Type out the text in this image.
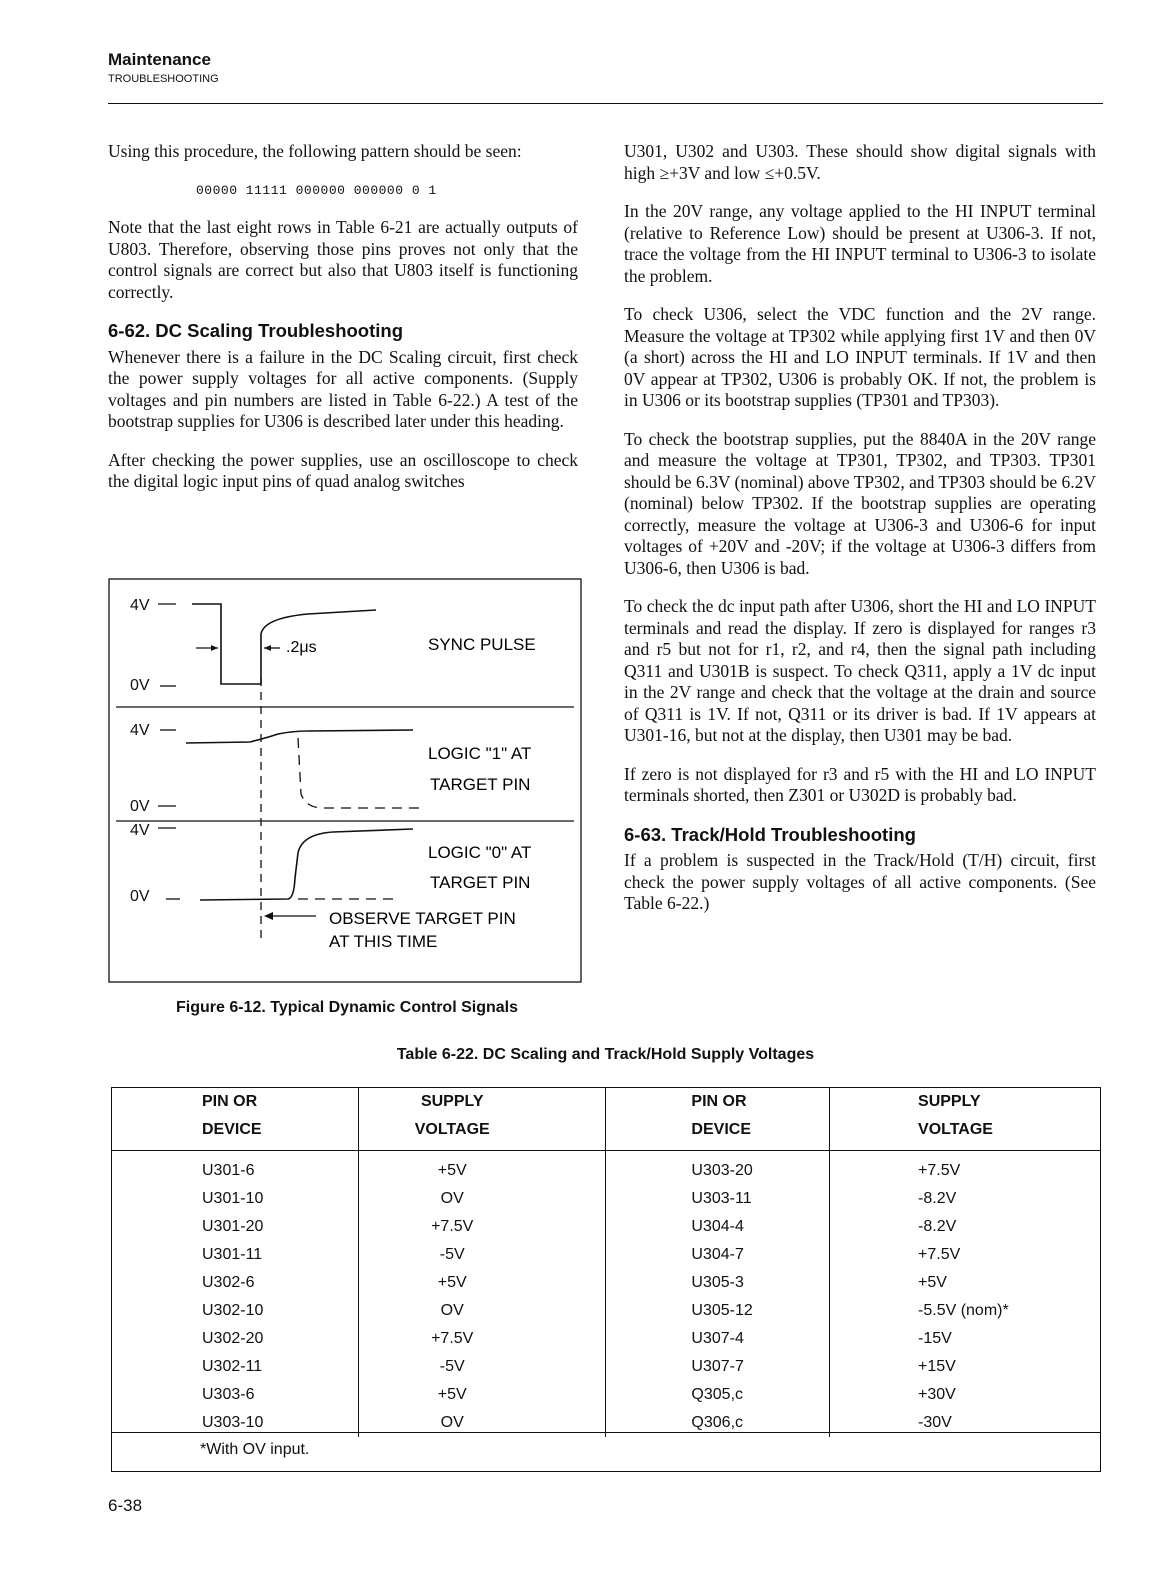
Maintenance
TROUBLESHOOTING

Using this procedure, the following pattern should be seen:

00000 11111 000000 000000 0 1

Note that the last eight rows in Table 6-21 are actually outputs of U803. Therefore, observing those pins proves not only that the control signals are correct but also that U803 itself is functioning correctly.

6-62. DC Scaling Troubleshooting

Whenever there is a failure in the DC Scaling circuit, first check the power supply voltages for all active components. (Supply voltages and pin numbers are listed in Table 6-22.) A test of the bootstrap supplies for U306 is described later under this heading.

After checking the power supplies, use an oscilloscope to check the digital logic input pins of quad analog switches

U301, U302 and U303. These should show digital signals with high ≥+3V and low ≤+0.5V.

In the 20V range, any voltage applied to the HI INPUT terminal (relative to Reference Low) should be present at U306-3. If not, trace the voltage from the HI INPUT terminal to U306-3 to isolate the problem.

To check U306, select the VDC function and the 2V range. Measure the voltage at TP302 while applying first 1V and then 0V (a short) across the HI and LO INPUT terminals. If 1V and then 0V appear at TP302, U306 is probably OK. If not, the problem is in U306 or its bootstrap supplies (TP301 and TP303).

To check the bootstrap supplies, put the 8840A in the 20V range and measure the voltage at TP301, TP302, and TP303. TP301 should be 6.3V (nominal) above TP302, and TP303 should be 6.2V (nominal) below TP302. If the bootstrap supplies are operating correctly, measure the voltage at U306-3 and U306-6 for input voltages of +20V and -20V; if the voltage at U306-3 differs from U306-6, then U306 is bad.

To check the dc input path after U306, short the HI and LO INPUT terminals and read the display. If zero is displayed for ranges r3 and r5 but not for r1, r2, and r4, then the signal path including Q311 and U301B is suspect. To check Q311, apply a 1V dc input in the 2V range and check that the voltage at the drain and source of Q311 is 1V. If not, Q311 or its driver is bad. If 1V appears at U301-16, but not at the display, then U301 may be bad.

If zero is not displayed for r3 and r5 with the HI and LO INPUT terminals shorted, then Z301 or U302D is probably bad.

6-63. Track/Hold Troubleshooting

If a problem is suspected in the Track/Hold (T/H) circuit, first check the power supply voltages of all active components. (See Table 6-22.)

4V
0V
4V
0V
4V
0V
.2μs	SYNC PULSE
LOGIC "1" AT
TARGET PIN
LOGIC "0" AT
TARGET PIN
OBSERVE TARGET PIN
AT THIS TIME
Figure 6-12. Typical Dynamic Control Signals
Table 6-22. DC Scaling and Track/Hold Supply Voltages
PIN OR	SUPPLY	PIN OR	SUPPLY
DEVICE	VOLTAGE	DEVICE	VOLTAGE
U301-6	+5V	U303-20	+7.5V
U301-10	OV	U303-11	-8.2V
U301-20	+7.5V	U304-4	-8.2V
U301-11	-5V	U304-7	+7.5V
U302-6	+5V	U305-3	+5V
U302-10	OV	U305-12	-5.5V (nom)*
U302-20	+7.5V	U307-4	-15V
U302-11	-5V	U307-7	+15V
U303-6	+5V	Q305,c	+30V
U303-10	OV	Q306,c	-30V
*With OV input.
6-38
